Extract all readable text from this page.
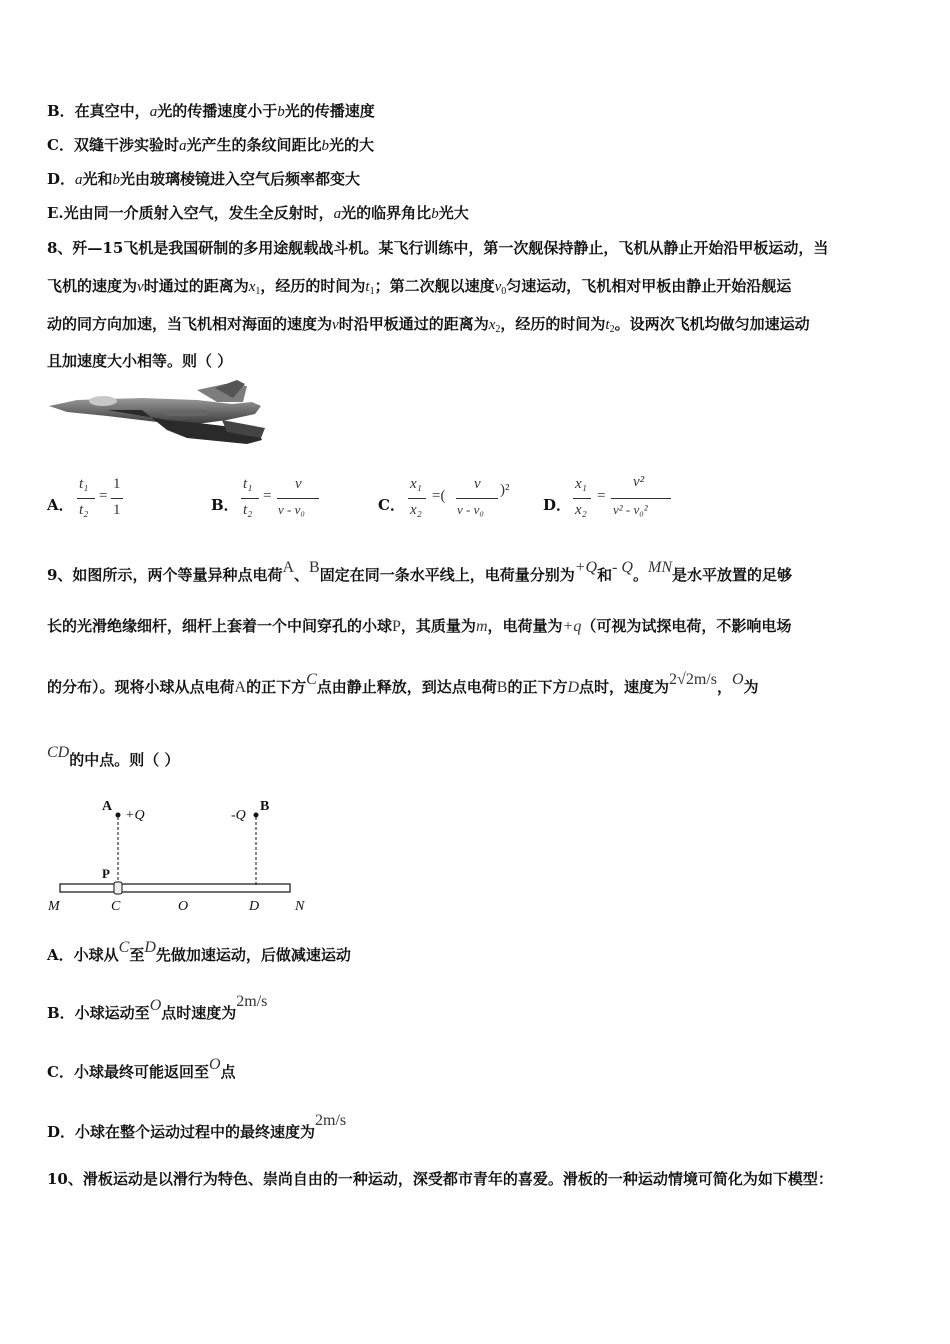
B．在真空中，a光的传播速度小于b光的传播速度
C．双缝干涉实验时a光产生的条纹间距比b光的大
D．a光和b光由玻璃棱镜进入空气后频率都变大
E.光由同一介质射入空气，发生全反射时，a光的临界角比b光大
8、歼—15飞机是我国研制的多用途舰载战斗机。某飞行训练中，第一次舰保持静止，飞机从静止开始沿甲板运动，当
飞机的速度为v时通过的距离为$x_1$，经历的时间为$t_1$；第二次舰以速度$v_0$匀速运动，飞机相对甲板由静止开始沿舰运
动的同方向加速，当飞机相对海面的速度为v时沿甲板通过的距离为$x_2$，经历的时间为$t_2$。设两次飞机均做匀加速运动
且加速度大小相等。则（ ）
A．
t₁
t₂
=
1
1	B．
t₁
t₂
=
v
v - v₀	C．
x₁
x₂
=(
v
v - v₀
)²
D．
x₁
x₂
=
v²
v² - v₀²
9、如图所示，两个等量异种点电荷A、B固定在同一条水平线上，电荷量分别为+Q和- Q。MN是水平放置的足够
长的光滑绝缘细杆，细杆上套着一个中间穿孔的小球P，其质量为m，电荷量为+q（可视为试探电荷，不影响电场
的分布）。现将小球从点电荷A的正下方C点由静止释放，到达点电荷B的正下方D点时，速度为2√2m/s，O为
CD的中点。则（ ）
A
+Q	-Q
B
P
M	C	O	D	N
A．小球从C至D先做加速运动，后做减速运动
B．小球运动至O点时速度为2m/s
C．小球最终可能返回至O点
D．小球在整个运动过程中的最终速度为2m/s
10、滑板运动是以滑行为特色、崇尚自由的一种运动，深受都市青年的喜爱。滑板的一种运动情境可简化为如下模型：
